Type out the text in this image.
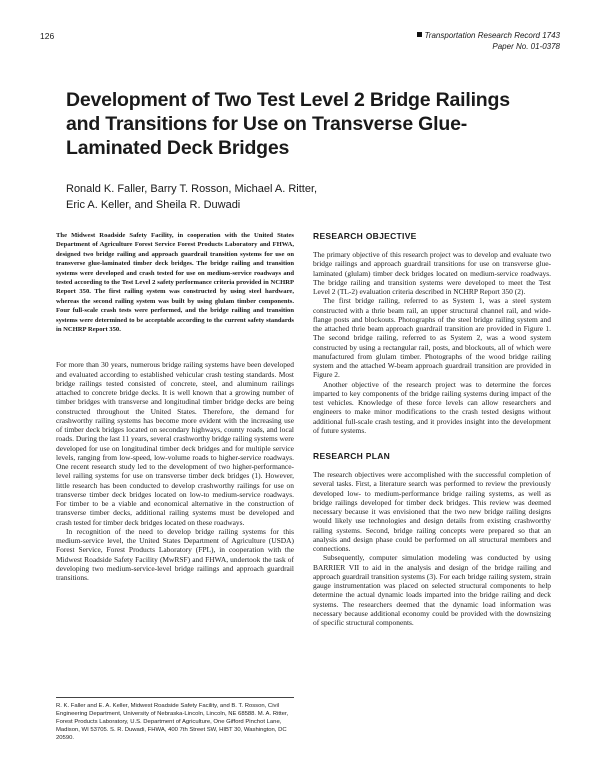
126	Transportation Research Record 1743
Paper No. 01-0378
Development of Two Test Level 2 Bridge Railings and Transitions for Use on Transverse Glue-Laminated Deck Bridges
Ronald K. Faller, Barry T. Rosson, Michael A. Ritter,
Eric A. Keller, and Sheila R. Duwadi

The Midwest Roadside Safety Facility, in cooperation with the United States Department of Agriculture Forest Service Forest Products Laboratory and FHWA, designed two bridge railing and approach guardrail transition systems for use on transverse glue-laminated timber deck bridges. The bridge railing and transition systems were developed and crash tested for use on medium-service roadways and tested according to the Test Level 2 safety performance criteria provided in NCHRP Report 350. The first railing system was constructed by using steel hardware, whereas the second railing system was built by using glulam timber components. Four full-scale crash tests were performed, and the bridge railing and transition systems were determined to be acceptable according to the current safety standards in NCHRP Report 350.

For more than 30 years, numerous bridge railing systems have been developed and evaluated according to established vehicular crash testing standards. Most bridge railings tested consisted of concrete, steel, and aluminum railings attached to concrete bridge decks. It is well known that a growing number of timber bridges with transverse and longitudinal timber bridge decks are being constructed throughout the United States. Therefore, the demand for crashworthy railing systems has become more evident with the increasing use of timber deck bridges located on secondary highways, county roads, and local roads. During the last 11 years, several crashworthy bridge railing systems were developed for use on longitudinal timber deck bridges and for multiple service levels, ranging from low-speed, low-volume roads to higher-service roadways. One recent research study led to the development of two higher-performance-level railing systems for use on transverse timber deck bridges (1). However, little research has been conducted to develop crashworthy railings for use on transverse timber deck bridges located on low-to medium-service roadways. For timber to be a viable and economical alternative in the construction of transverse timber decks, additional railing systems must be developed and crash tested for timber deck bridges located on these roadways.

In recognition of the need to develop bridge railing systems for this medium-service level, the United States Department of Agriculture (USDA) Forest Service, Forest Products Laboratory (FPL), in cooperation with the Midwest Roadside Safety Facility (MwRSF) and FHWA, undertook the task of developing two medium-service-level bridge railings and approach guardrail transitions.

R. K. Faller and E. A. Keller, Midwest Roadside Safety Facility, and B. T. Rosson, Civil Engineering Department, University of Nebraska-Lincoln, Lincoln, NE 68588. M. A. Ritter, Forest Products Laboratory, U.S. Department of Agriculture, One Gifford Pinchot Lane, Madison, WI 53705. S. R. Duwadi, FHWA, 400 7th Street SW, HIBT 30, Washington, DC 20590.
RESEARCH OBJECTIVE

The primary objective of this research project was to develop and evaluate two bridge railings and approach guardrail transitions for use on transverse glue-laminated (glulam) timber deck bridges located on medium-service roadways. The bridge railing and transition systems were developed to meet the Test Level 2 (TL-2) evaluation criteria described in NCHRP Report 350 (2).

The first bridge railing, referred to as System 1, was a steel system constructed with a thrie beam rail, an upper structural channel rail, and wide-flange posts and blockouts. Photographs of the steel bridge railing system and the attached thrie beam approach guardrail transition are provided in Figure 1. The second bridge railing, referred to as System 2, was a wood system constructed by using a rectangular rail, posts, and blockouts, all of which were manufactured from glulam timber. Photographs of the wood bridge railing system and the attached W-beam approach guardrail transition are provided in Figure 2.

Another objective of the research project was to determine the forces imparted to key components of the bridge railing systems during impact of the test vehicles. Knowledge of these force levels can allow researchers and engineers to make minor modifications to the crash tested designs without additional full-scale crash testing, and it provides insight into the development of future systems.

RESEARCH PLAN

The research objectives were accomplished with the successful completion of several tasks. First, a literature search was performed to review the previously developed low- to medium-performance bridge railing systems, as well as bridge railings developed for timber deck bridges. This review was deemed necessary because it was envisioned that the two new bridge railing designs would likely use technologies and design details from existing crashworthy railing systems. Second, bridge railing concepts were prepared so that an analysis and design phase could be performed on all structural members and connections.

Subsequently, computer simulation modeling was conducted by using BARRIER VII to aid in the analysis and design of the bridge railing and approach guardrail transition systems (3). For each bridge railing system, strain gauge instrumentation was placed on selected structural components to help determine the actual dynamic loads imparted into the bridge railing and deck systems. The researchers deemed that the dynamic load information was necessary because additional economy could be provided with the downsizing of specific structural components.
